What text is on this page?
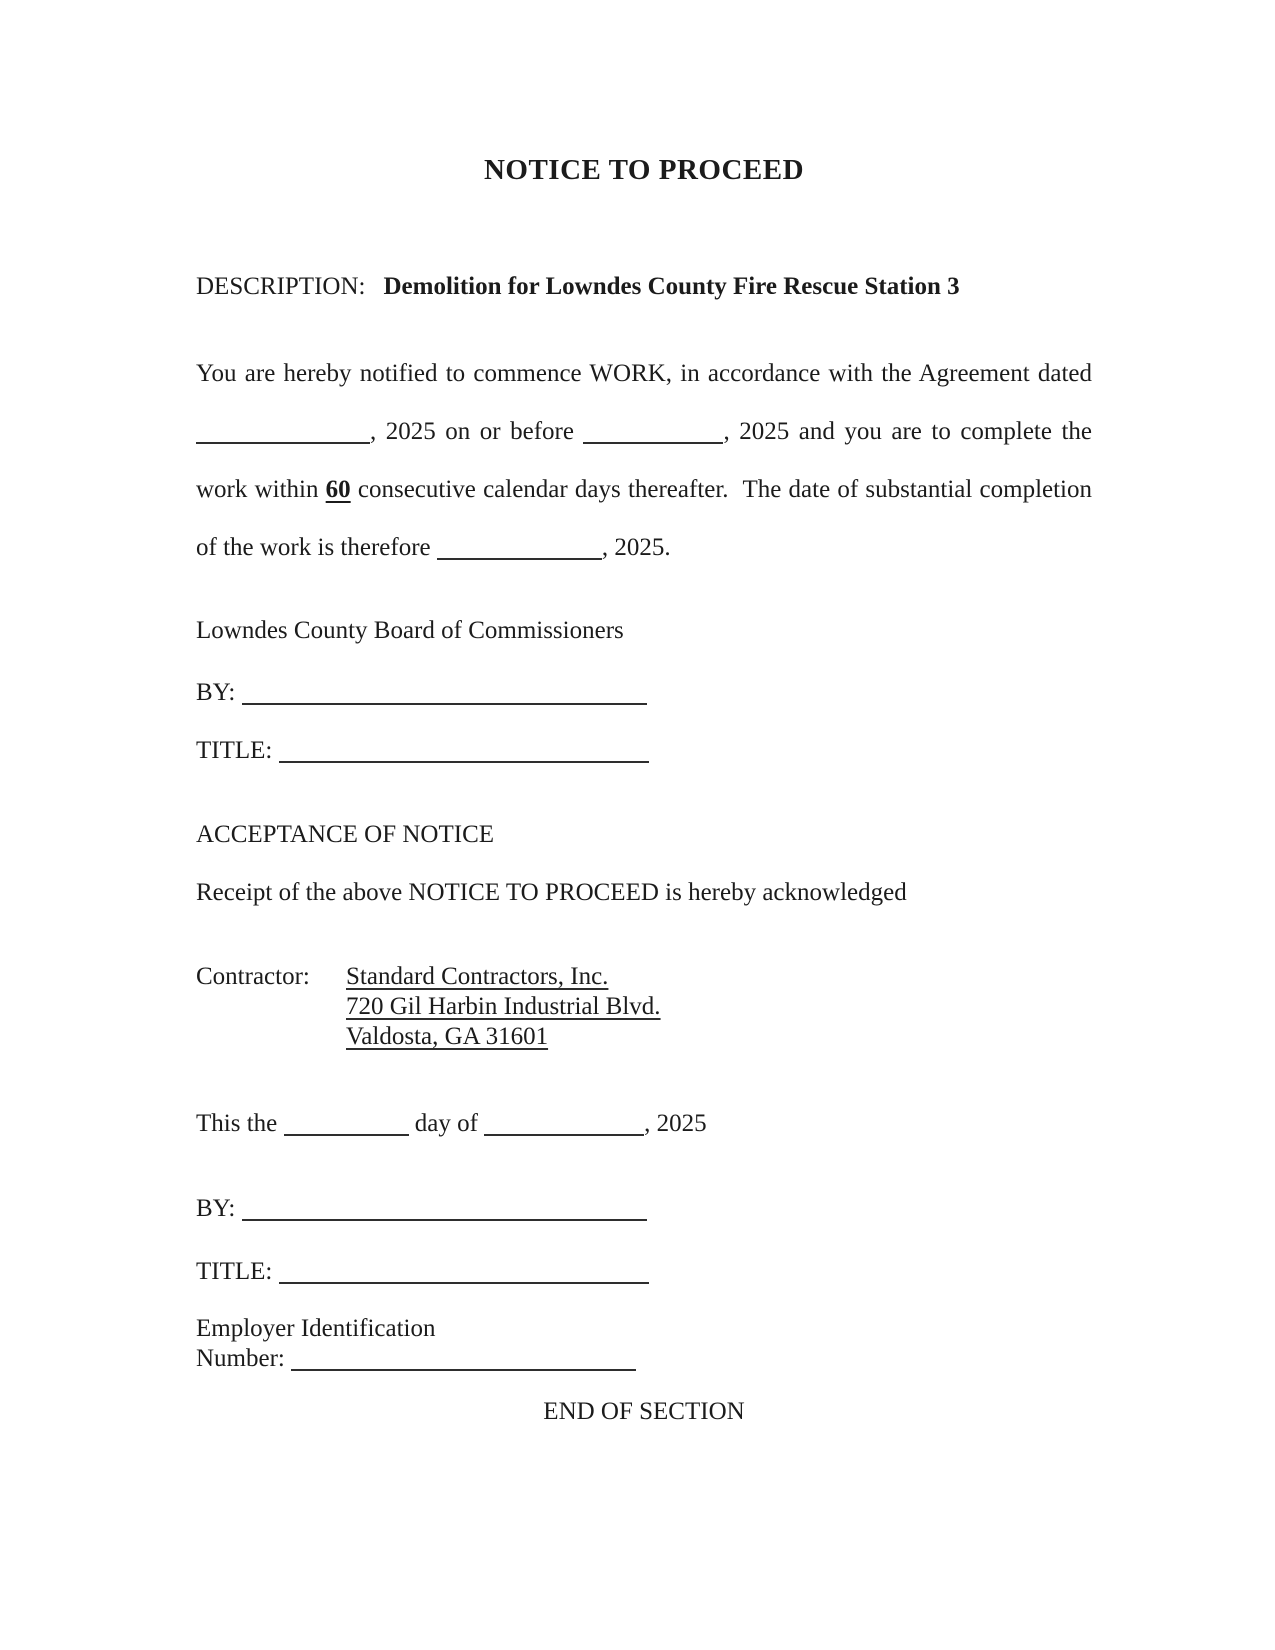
NOTICE TO PROCEED

DESCRIPTION: Demolition for Lowndes County Fire Rescue Station 3

You are hereby notified to commence WORK, in accordance with the Agreement dated
, 2025 on or before	, 2025 and you are to complete the
work within 60 consecutive calendar days thereafter.  The date of substantial completion
of the work is therefore	, 2025.

Lowndes County Board of Commissioners

BY:

TITLE:

ACCEPTANCE OF NOTICE

Receipt of the above NOTICE TO PROCEED is hereby acknowledged

Contractor:	Standard Contractors, Inc.
720 Gil Harbin Industrial Blvd.
Valdosta, GA 31601

This the	day of	, 2025

BY:

TITLE:

Employer Identification
Number:

END OF SECTION
